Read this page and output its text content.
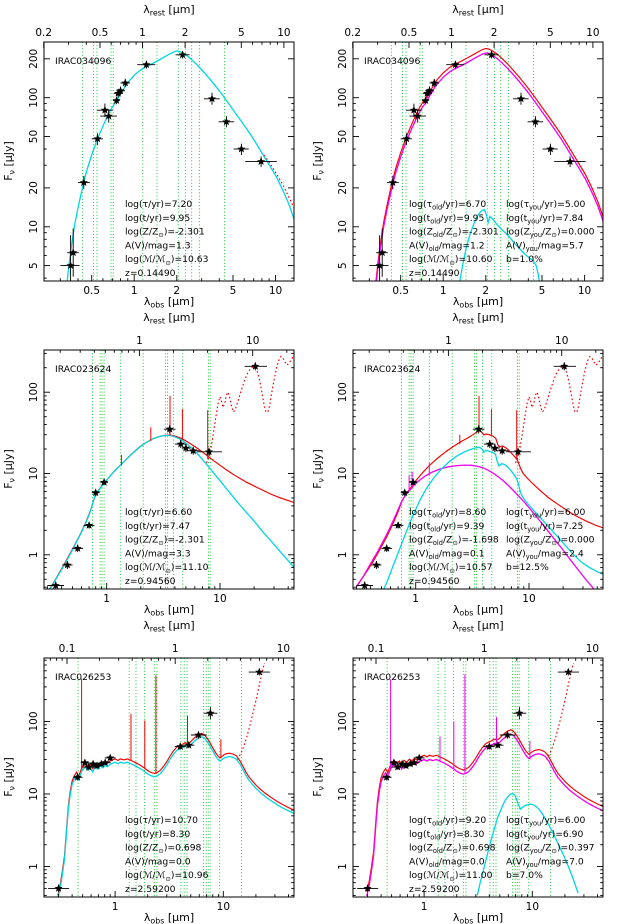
0.5	1	2	5	10
0.2	0.5	1	2	5	10
5
10
20
50
100
200 IRAC034096
$\lambda_{rest}$ [μm]
$\lambda_{obs}$ [μm]
$F_\nu$ [μJy]
log(τ/yr)=7.20
log(t/yr)=9.95
$\log(Z/Z_⊙)=-2.301$
A(V)/mag=1.3
log(ℳ/ℳ$_⊙$)=10.63
z=0.14490
0.5	1	2	5	10
0.2	0.5	1	2	5	10
5
10
20
50
100
200 IRAC034096
$\lambda_{rest}$ [μm]
$\lambda_{obs}$ [μm]
$F_\nu$ [μJy]
$\log(\tau_{old}/yr)=6.70$
$\log(t_{old}/yr)=9.95$
$\log(Z_{old}/Z_⊙)=-2.301$
$A(V)_{old}/mag=1.2$
log(ℳ/ℳ$_⊙$)=10.60
z=0.14490
$\log(\tau_{you}/yr)=5.00$
$\log(t_{you}/yr)=7.84$
$\log(Z_{you}/Z_⊙)=0.000$
$A(V)_{you}/mag=5.7$
b=1.0%
1	10
1	10
1
10
100
IRAC023624
$\lambda_{rest}$ [μm]
$\lambda_{obs}$ [μm]
$F_\nu$ [μJy]
log(τ/yr)=6.60
log(t/yr)=7.47
$\log(Z/Z_⊙)=-2.301$
A(V)/mag=3.3
log(ℳ/ℳ$_⊙$)=11.10
z=0.94560
1	10
1	10
1
10
100
IRAC023624
$\lambda_{rest}$ [μm]
$\lambda_{obs}$ [μm]
$F_\nu$ [μJy]
$\log(\tau_{old}/yr)=8.60$
$\log(t_{old}/yr)=9.39$
$\log(Z_{old}/Z_⊙)=-1.698$
$A(V)_{old}/mag=0.1$
log(ℳ/ℳ$_⊙$)=10.57
z=0.94560
$\log(\tau_{you}/yr)=6.00$
$\log(t_{you}/yr)=7.25$
$\log(Z_{you}/Z_⊙)=0.000$
$A(V)_{you}/mag=2.4$
b=12.5%
1	10
0.1	1	10
1
10
100
IRAC026253
$\lambda_{rest}$ [μm]
$\lambda_{obs}$ [μm]
$F_\nu$ [μJy]
log(τ/yr)=10.70
log(t/yr)=8.30
$\log(Z/Z_⊙)=0.698$
A(V)/mag=0.0
log(ℳ/ℳ$_⊙$)=10.96
z=2.59200
1	10
0.1	1	10
1
10
100
IRAC026253
$\lambda_{rest}$ [μm]
$\lambda_{obs}$ [μm]
$F_\nu$ [μJy]
$\log(\tau_{old}/yr)=9.20$
$\log(t_{old}/yr)=8.30$
$\log(Z_{old}/Z_⊙)=0.698$
$A(V)_{old}/mag=0.0$
log(ℳ/ℳ$_⊙$)=11.00
z=2.59200
$\log(\tau_{you}/yr)=6.00$
$\log(t_{you}/yr)=6.90$
$\log(Z_{you}/Z_⊙)=0.397$
$A(V)_{you}/mag=7.0$
b=7.0%
